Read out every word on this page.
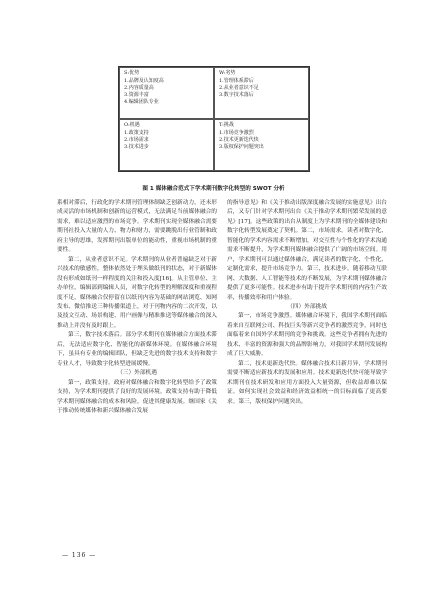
S:优势
1.品牌及认知度高
2.内容质量高
3.资源丰富
4.编辑团队专业
W:劣势
1.管理体系滞后
2.从业者意识不足
3.数字技术落后
O:机遇
1.政策支持
2.市场需求
3.技术进步
T:挑战
1.市场竞争激烈
2.技术更新迭代快
3.版权保护问题突出
图 1 媒体融合范式下学术期刊数字化转型的 SWOT 分析

系相对滞后，行政化的学术期刊管理体制缺乏创新动力，还未形成灵活的市场机制和创新的运营模式，无法满足当前媒体融合的需求，难以适应激烈的市场竞争。学术期刊实现全媒体融合需要期刊社投入大量的人力、物力和财力，需要跳脱出行业管制和政府主导的思维，发挥期刊出版单位的能动性，重视市场机制的重要性。

第二，从业者意识不足。学术期刊的从业者普遍缺乏对于新兴技术的敏感性，整体依然处于埋头做纸刊的状态，对于新媒体没有形成如纸刊一样程度的关注和投入度[16]。从主管单位、主办单位，编辑部到编辑人员，对数字化转型的理解深度和重视程度不足，媒体融合仅停留在以纸刊内容为基础的网站浏览、知网发布、微信推送三种传播渠道上，对于刊物内容的二次开发，以及技文互动、场景构建、用户画像与精准推送等媒体融合的深入推动上并没有及时跟上。

第三，数字技术落后。部分学术期刊在媒体融合方面技术滞后，无法适应数字化、智能化的新媒体环境。在媒体融合环境下，虽具有专业的编辑团队，但缺乏先进的数字技术支持和数字专业人才，导致数字化转型进展缓慢。

（三）外部机遇

第一，政策支持。政府对媒体融合和数字化转型给予了政策支持，为学术期刊提供了良好的发展环境。政策支持有助于降低学术期刊媒体融合的成本和风险，促进其健康发展。继国家《关于推动传统媒体和新兴媒体融合发展

的指导意见》和《关于推动出版深度融合发展的实施意见》出台后，又专门针对学术期刊出台《关于推动学术期刊繁荣发展的意见》[17]。这些政策的出台从制度上为学术期刊的全媒体建设和数字化转型发展奠定了契机。第二，市场需求。读者对数字化、智能化的学术内容需求不断增加，对交互性与个性化的学术沟通需求不断提升，为学术期刊媒体融合提供了广阔的市场空间。用户，学术期刊可以通过媒体融合，满足读者的数字化、个性化、定制化需求，提升市场竞争力。第三，技术进步。随着移动互联网、大数据、人工智能等技术的不断发展，为学术期刊媒体融合提供了更多可能性。技术进步有助于提升学术期刊的内容生产效率，传播效率和用户体验。

（四）外部挑战

第一，市场竞争激烈。媒体融合环境下，我国学术期刊面临着来自互联网公司、科技巨头等新兴竞争者的激烈竞争，同时也面临着来自国外学术期刊的竞争和挑战。这些竞争者拥有先进的技术、丰富的资源和强大的品牌影响力，对我国学术期刊发展构成了巨大威胁。

第二，技术更新迭代快。媒体融合技术日新月异，学术期刊需要不断适应新技术的发展和应用。技术更新迭代快可能导致学术期刊在技术研发和应用方面投入大量资源，但收益却难以保证。如何实现社会效益和经济效益相统一的目标面临了更高要求。第三，版权保护问题突出。

— 136 —
